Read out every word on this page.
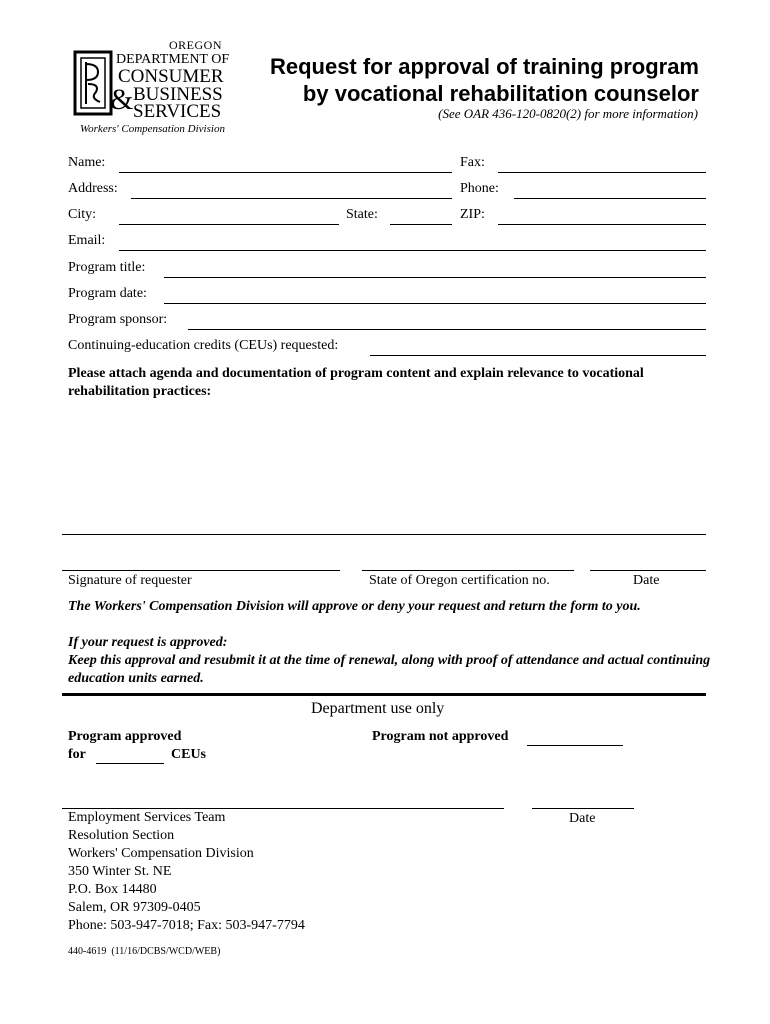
OREGON
DEPARTMENT OF
CONSUMER
& BUSINESS
SERVICES
Workers' Compensation Division
Request for approval of training program
by vocational rehabilitation counselor
(See OAR 436-120-0820(2) for more information)
Name:	Fax:
Address:	Phone:
City:	State:	ZIP:
Email:
Program title:
Program date:
Program sponsor:
Continuing-education credits (CEUs) requested:
Please attach agenda and documentation of program content and explain relevance to vocational rehabilitation practices:
Signature of requester	State of Oregon certification no.	Date
The Workers' Compensation Division will approve or deny your request and return the form to you.
If your request is approved:
Keep this approval and resubmit it at the time of renewal, along with proof of attendance and actual continuing education units earned.
Department use only
Program approved
for	CEUs
Program not approved
Date
Employment Services Team
Resolution Section
Workers' Compensation Division
350 Winter St. NE
P.O. Box 14480
Salem, OR 97309-0405
Phone: 503-947-7018; Fax: 503-947-7794
440-4619  (11/16/DCBS/WCD/WEB)
